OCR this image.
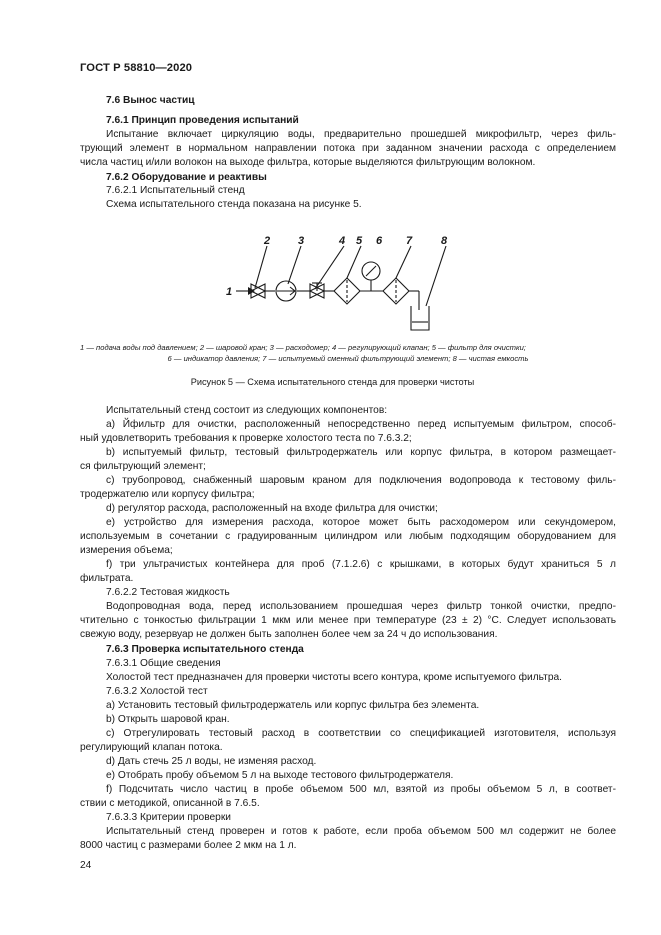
ГОСТ Р 58810—2020
7.6 Вынос частиц
7.6.1 Принцип проведения испытаний
Испытание включает циркуляцию воды, предварительно прошедшей микрофильтр, через филь-
трующий элемент в нормальном направлении потока при заданном значении расхода с определением
числа частиц и/или волокон на выходе фильтра, которые выделяются фильтрующим волокном.
7.6.2 Оборудование и реактивы
7.6.2.1 Испытательный стенд
Схема испытательного стенда показана на рисунке 5.
1
2	3	4 5 6 7	8
1 — подача воды под давлением; 2 — шаровой кран; 3 — расходомер; 4 — регулирующий клапан; 5 — фильтр для очистки;
6 — индикатор давления; 7 — испытуемый сменный фильтрующий элемент; 8 — чистая емкость
Рисунок 5 — Схема испытательного стенда для проверки чистоты
Испытательный стенд состоит из следующих компонентов:
а) Йфильтр для очистки, расположенный непосредственно перед испытуемым фильтром, способ-
ный удовлетворить требования к проверке холостого теста по 7.6.3.2;
b) испытуемый фильтр, тестовый фильтродержатель или корпус фильтра, в котором размещает-
ся фильтрующий элемент;
c) трубопровод, снабженный шаровым краном для подключения водопровода к тестовому филь-
тродержателю или корпусу фильтра;
d) регулятор расхода, расположенный на входе фильтра для очистки;
e) устройство для измерения расхода, которое может быть расходомером или секундомером,
используемым в сочетании с градуированным цилиндром или любым подходящим оборудованием для
измерения объема;
f) три ультрачистых контейнера для проб (7.1.2.6) с крышками, в которых будут храниться 5 л
фильтрата.
7.6.2.2 Тестовая жидкость
Водопроводная вода, перед использованием прошедшая через фильтр тонкой очистки, предпо-
чтительно с тонкостью фильтрации 1 мкм или менее при температуре (23 ± 2) °С. Следует использовать
свежую воду, резервуар не должен быть заполнен более чем за 24 ч до использования.
7.6.3 Проверка испытательного стенда
7.6.3.1 Общие сведения
Холостой тест предназначен для проверки чистоты всего контура, кроме испытуемого фильтра.
7.6.3.2 Холостой тест
а) Установить тестовый фильтродержатель или корпус фильтра без элемента.
b) Открыть шаровой кран.
c) Отрегулировать тестовый расход в соответствии со спецификацией изготовителя, используя
регулирующий клапан потока.
d) Дать стечь 25 л воды, не изменяя расход.
e) Отобрать пробу объемом 5 л на выходе тестового фильтродержателя.
f) Подсчитать число частиц в пробе объемом 500 мл, взятой из пробы объемом 5 л, в соответ-
ствии с методикой, описанной в 7.6.5.
7.6.3.3 Критерии проверки
Испытательный стенд проверен и готов к работе, если проба объемом 500 мл содержит не более
8000 частиц с размерами более 2 мкм на 1 л.
24
